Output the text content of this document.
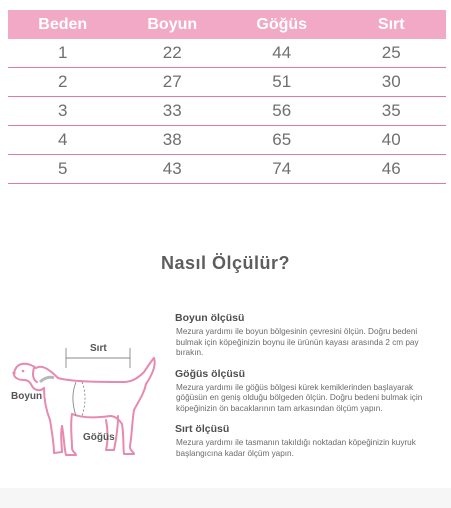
Beden	Boyun	Göğüs	Sırt
1	22	44	25
2	27	51	30
3	33	56	35
4	38	65	40
5	43	74	46
Nasıl Ölçülür?
Sırt
Boyun
Göğüs
Boyun ölçüsü

Mezura yardımı ile boyun bölgesinin çevresini ölçün. Doğru bedeni bulmak için köpeğinizin boynu ile ürünün kayası arasında 2 cm pay bırakın.

Göğüs ölçüsü

Mezura yardımı ile göğüs bölgesi kürek kemiklerinden başlayarak göğüsün en geniş olduğu bölgeden ölçün. Doğru bedeni bulmak için köpeğinizin ön bacaklarının tam arkasından ölçüm yapın.

Sırt ölçüsü

Mezura yardımı ile tasmanın takıldığı noktadan köpeğinizin kuyruk başlangıcına kadar ölçüm yapın.
